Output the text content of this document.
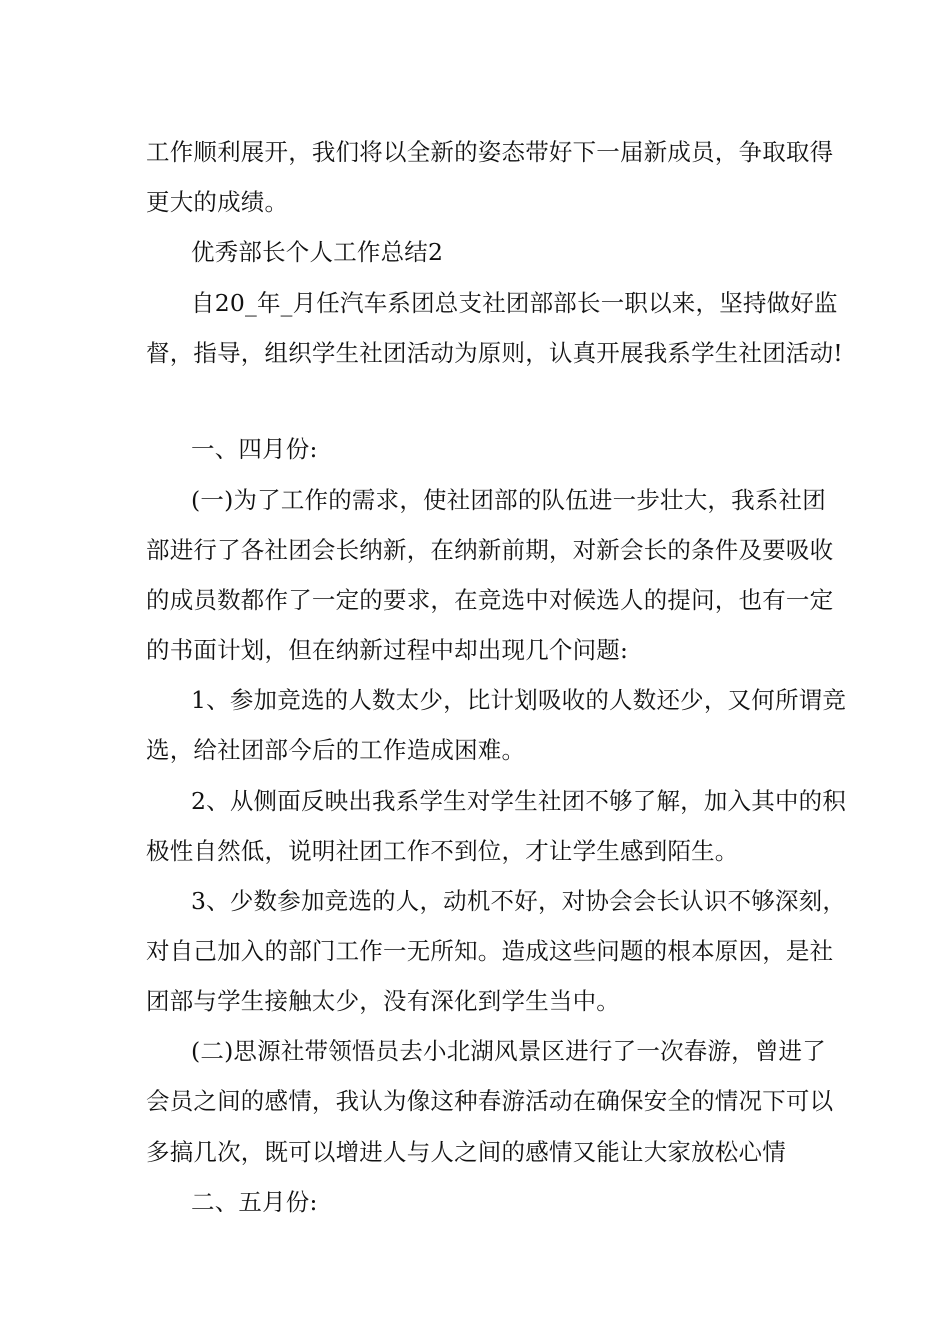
工作顺利展开，我们将以全新的姿态带好下一届新成员，争取取得
更大的成绩。
优秀部长个人工作总结2
自20_年_月任汽车系团总支社团部部长一职以来，坚持做好监
督，指导，组织学生社团活动为原则，认真开展我系学生社团活动!
一、四月份:
(一)为了工作的需求，使社团部的队伍进一步壮大，我系社团
部进行了各社团会长纳新，在纳新前期，对新会长的条件及要吸收
的成员数都作了一定的要求，在竞选中对候选人的提问，也有一定
的书面计划，但在纳新过程中却出现几个问题:
1、参加竞选的人数太少，比计划吸收的人数还少，又何所谓竞
选，给社团部今后的工作造成困难。
2、从侧面反映出我系学生对学生社团不够了解，加入其中的积
极性自然低，说明社团工作不到位，才让学生感到陌生。
3、少数参加竞选的人，动机不好，对协会会长认识不够深刻，
对自己加入的部门工作一无所知。造成这些问题的根本原因，是社
团部与学生接触太少，没有深化到学生当中。
(二)思源社带领悟员去小北湖风景区进行了一次春游，曾进了
会员之间的感情，我认为像这种春游活动在确保安全的情况下可以
多搞几次，既可以增进人与人之间的感情又能让大家放松心情
二、五月份:
